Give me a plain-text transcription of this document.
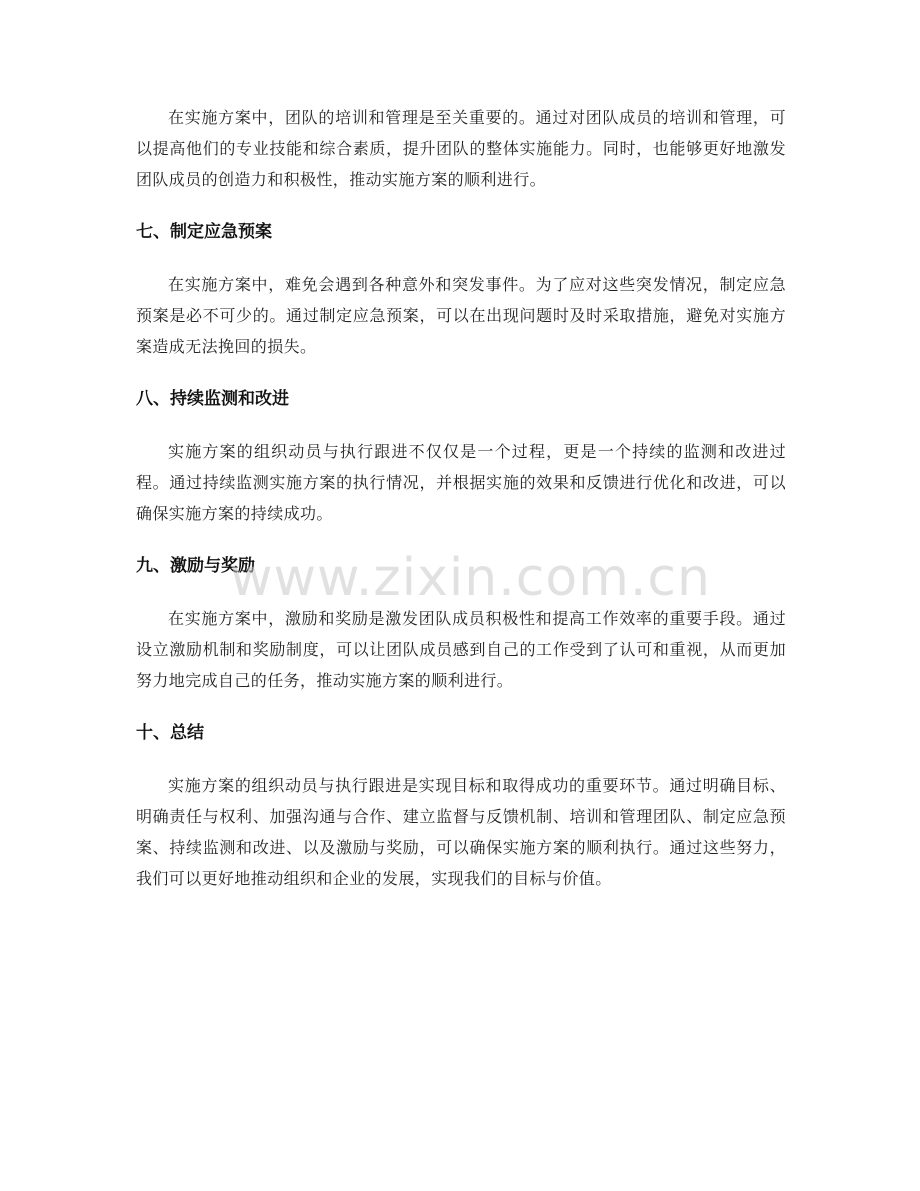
在实施方案中，团队的培训和管理是至关重要的。通过对团队成员的培训和管理，可以提高他们的专业技能和综合素质，提升团队的整体实施能力。同时，也能够更好地激发团队成员的创造力和积极性，推动实施方案的顺利进行。

七、制定应急预案

在实施方案中，难免会遇到各种意外和突发事件。为了应对这些突发情况，制定应急预案是必不可少的。通过制定应急预案，可以在出现问题时及时采取措施，避免对实施方案造成无法挽回的损失。

八、持续监测和改进

实施方案的组织动员与执行跟进不仅仅是一个过程，更是一个持续的监测和改进过程。通过持续监测实施方案的执行情况，并根据实施的效果和反馈进行优化和改进，可以确保实施方案的持续成功。

九、激励与奖励

在实施方案中，激励和奖励是激发团队成员积极性和提高工作效率的重要手段。通过设立激励机制和奖励制度，可以让团队成员感到自己的工作受到了认可和重视，从而更加努力地完成自己的任务，推动实施方案的顺利进行。

十、总结

实施方案的组织动员与执行跟进是实现目标和取得成功的重要环节。通过明确目标、明确责任与权利、加强沟通与合作、建立监督与反馈机制、培训和管理团队、制定应急预案、持续监测和改进、以及激励与奖励，可以确保实施方案的顺利执行。通过这些努力，我们可以更好地推动组织和企业的发展，实现我们的目标与价值。

www.zixin.com.cn
